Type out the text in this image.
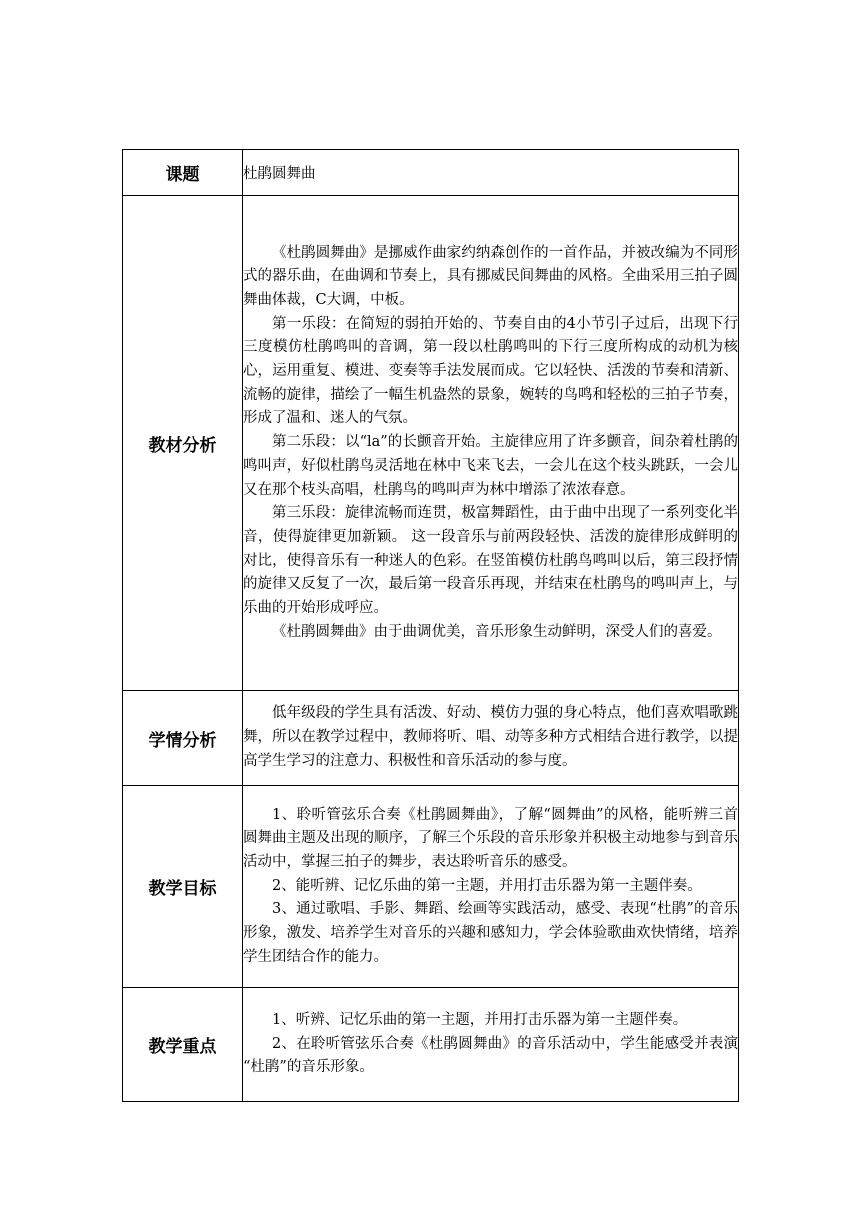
课题	杜鹃圆舞曲
教材分析	《杜鹃圆舞曲》是挪威作曲家约纳森创作的一首作品，并被改编为不同形式的器乐曲，在曲调和节奏上，具有挪威民间舞曲的风格。全曲采用三拍子圆舞曲体裁，C大调，中板。

第一乐段：在简短的弱拍开始的、节奏自由的4小节引子过后，出现下行三度模仿杜鹃鸣叫的音调，第一段以杜鹃鸣叫的下行三度所构成的动机为核心，运用重复、模进、变奏等手法发展而成。它以轻快、活泼的节奏和清新、流畅的旋律，描绘了一幅生机盎然的景象，婉转的鸟鸣和轻松的三拍子节奏，形成了温和、迷人的气氛。

第二乐段：以“la”的长颤音开始。主旋律应用了许多颤音，间杂着杜鹃的鸣叫声，好似杜鹃鸟灵活地在林中飞来飞去，一会儿在这个枝头跳跃，一会儿又在那个枝头高唱，杜鹃鸟的鸣叫声为林中增添了浓浓春意。

第三乐段：旋律流畅而连贯，极富舞蹈性，由于曲中出现了一系列变化半音，使得旋律更加新颖。 这一段音乐与前两段轻快、活泼的旋律形成鲜明的对比，使得音乐有一种迷人的色彩。在竖笛模仿杜鹃鸟鸣叫以后，第三段抒情的旋律又反复了一次，最后第一段音乐再现，并结束在杜鹃鸟的鸣叫声上，与乐曲的开始形成呼应。

《杜鹃圆舞曲》由于曲调优美，音乐形象生动鲜明，深受人们的喜爱。

学情分析	低年级段的学生具有活泼、好动、模仿力强的身心特点，他们喜欢唱歌跳舞，所以在教学过程中，教师将听、唱、动等多种方式相结合进行教学，以提高学生学习的注意力、积极性和音乐活动的参与度。

教学目标	1、聆听管弦乐合奏《杜鹃圆舞曲》，了解“圆舞曲”的风格，能听辨三首圆舞曲主题及出现的顺序，了解三个乐段的音乐形象并积极主动地参与到音乐活动中，掌握三拍子的舞步，表达聆听音乐的感受。

2、能听辨、记忆乐曲的第一主题，并用打击乐器为第一主题伴奏。

3、通过歌唱、手影、舞蹈、绘画等实践活动，感受、表现“杜鹃”的音乐形象，激发、培养学生对音乐的兴趣和感知力，学会体验歌曲欢快情绪，培养学生团结合作的能力。

教学重点	1、听辨、记忆乐曲的第一主题，并用打击乐器为第一主题伴奏。

2、在聆听管弦乐合奏《杜鹃圆舞曲》的音乐活动中，学生能感受并表演 “杜鹃”的音乐形象。
